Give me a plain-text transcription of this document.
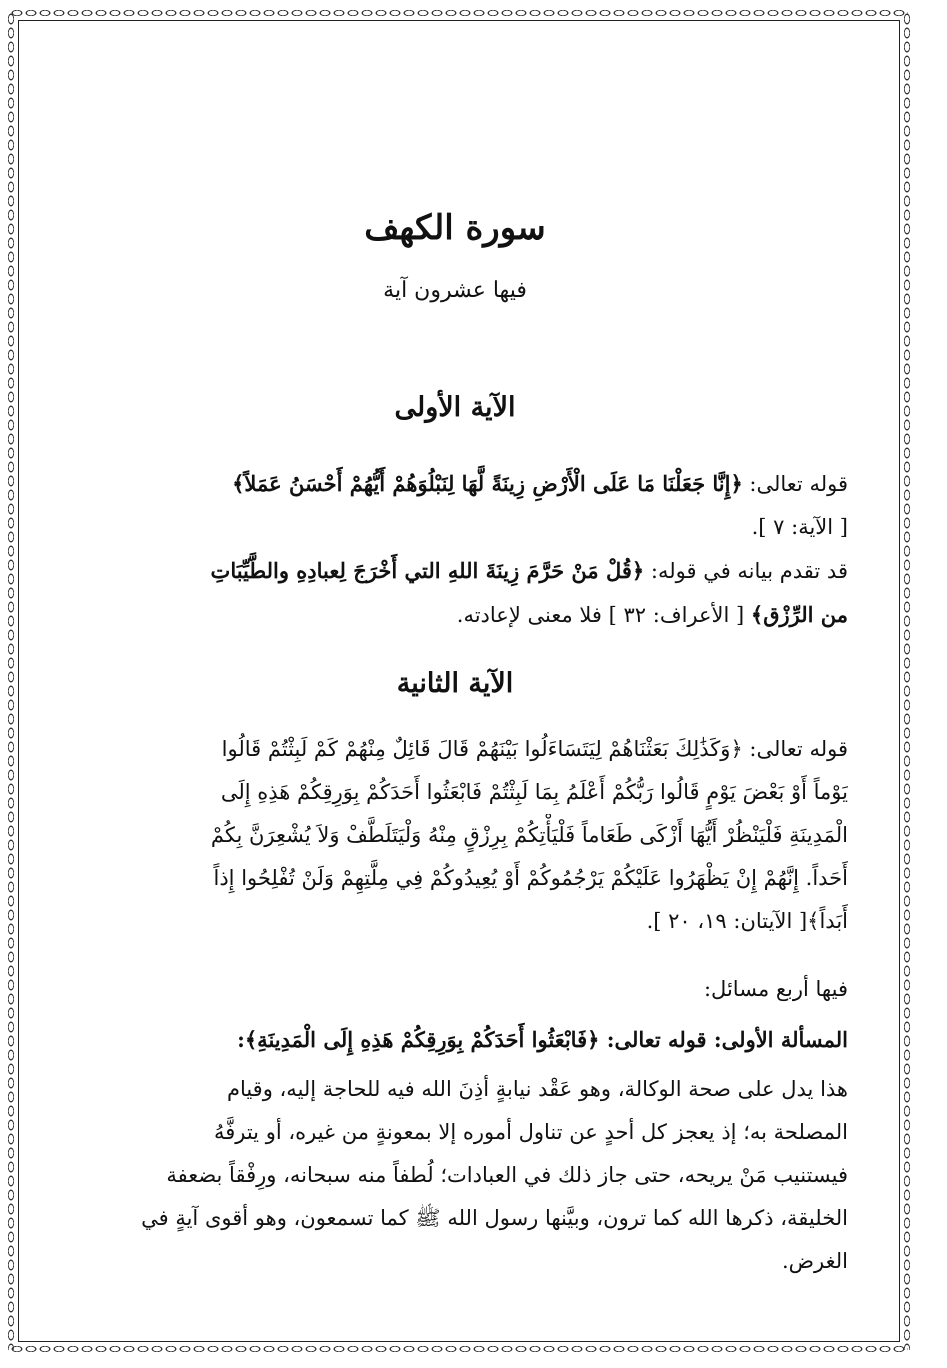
سورة الكهف
فيها عشرون آية
الآية الأولى
قوله تعالى: ﴿إِنَّا جَعَلْنَا مَا عَلَى الْأَرْضِ زِينَةً لَّهَا لِنَبْلُوَهُمْ أَيُّهُمْ أَحْسَنُ عَمَلاً﴾
[ الآية: ٧ ].
قد تقدم بيانه في قوله: ﴿قُلْ مَنْ حَرَّمَ زِينَةَ اللهِ التي أَخْرَجَ لِعبادِهِ والطَّيِّبَاتِ
من الرِّزْق﴾ [ الأعراف: ٣٢ ] فلا معنى لإعادته.
الآية الثانية
قوله تعالى: ﴿وَكَذَٰلِكَ بَعَثْنَاهُمْ لِيَتَسَاءَلُوا بَيْنَهُمْ قَالَ قَائِلٌ مِنْهُمْ كَمْ لَبِثْتُمْ قَالُوا
يَوْماً أَوْ بَعْضَ يَوْمٍ قَالُوا رَبُّكُمْ أَعْلَمُ بِمَا لَبِثْتُمْ فَابْعَثُوا أَحَدَكُمْ بِوَرِقِكُمْ هَذِهِ إِلَى
الْمَدِينَةِ فَلْيَنْظُرْ أَيُّهَا أَزْكَى طَعَاماً فَلْيَأْتِكُمْ بِرِزْقٍ مِنْهُ وَلْيَتَلَطَّفْ وَلاَ يُشْعِرَنَّ بِكُمْ
أَحَداً. إِنَّهُمْ إِنْ يَظْهَرُوا عَلَيْكُمْ يَرْجُمُوكُمْ أَوْ يُعِيدُوكُمْ فِي مِلَّتِهِمْ وَلَنْ تُفْلِحُوا إِذاً
أَبَداً﴾[ الآيتان: ١٩، ٢٠ ].
فيها أربع مسائل:
المسألة الأولى: قوله تعالى: ﴿فَابْعَثُوا أَحَدَكُمْ بِوَرِقِكُمْ هَذِهِ إِلَى الْمَدِينَةِ﴾:
هذا يدل على صحة الوكالة، وهو عَقْد نيابةٍ أذِنَ الله فيه للحاجة إليه، وقيام
المصلحة به؛ إذ يعجز كل أحدٍ عن تناول أموره إلا بمعونةٍ من غيره، أو يترفَّهُ
فيستنيب مَنْ يريحه، حتى جاز ذلك في العبادات؛ لُطفاً منه سبحانه، ورِفْقاً بضعفة
الخليقة، ذكرها الله كما ترون، وبيَّنها رسول الله ﷺ كما تسمعون، وهو أقوى آيةٍ في
الغرض.
